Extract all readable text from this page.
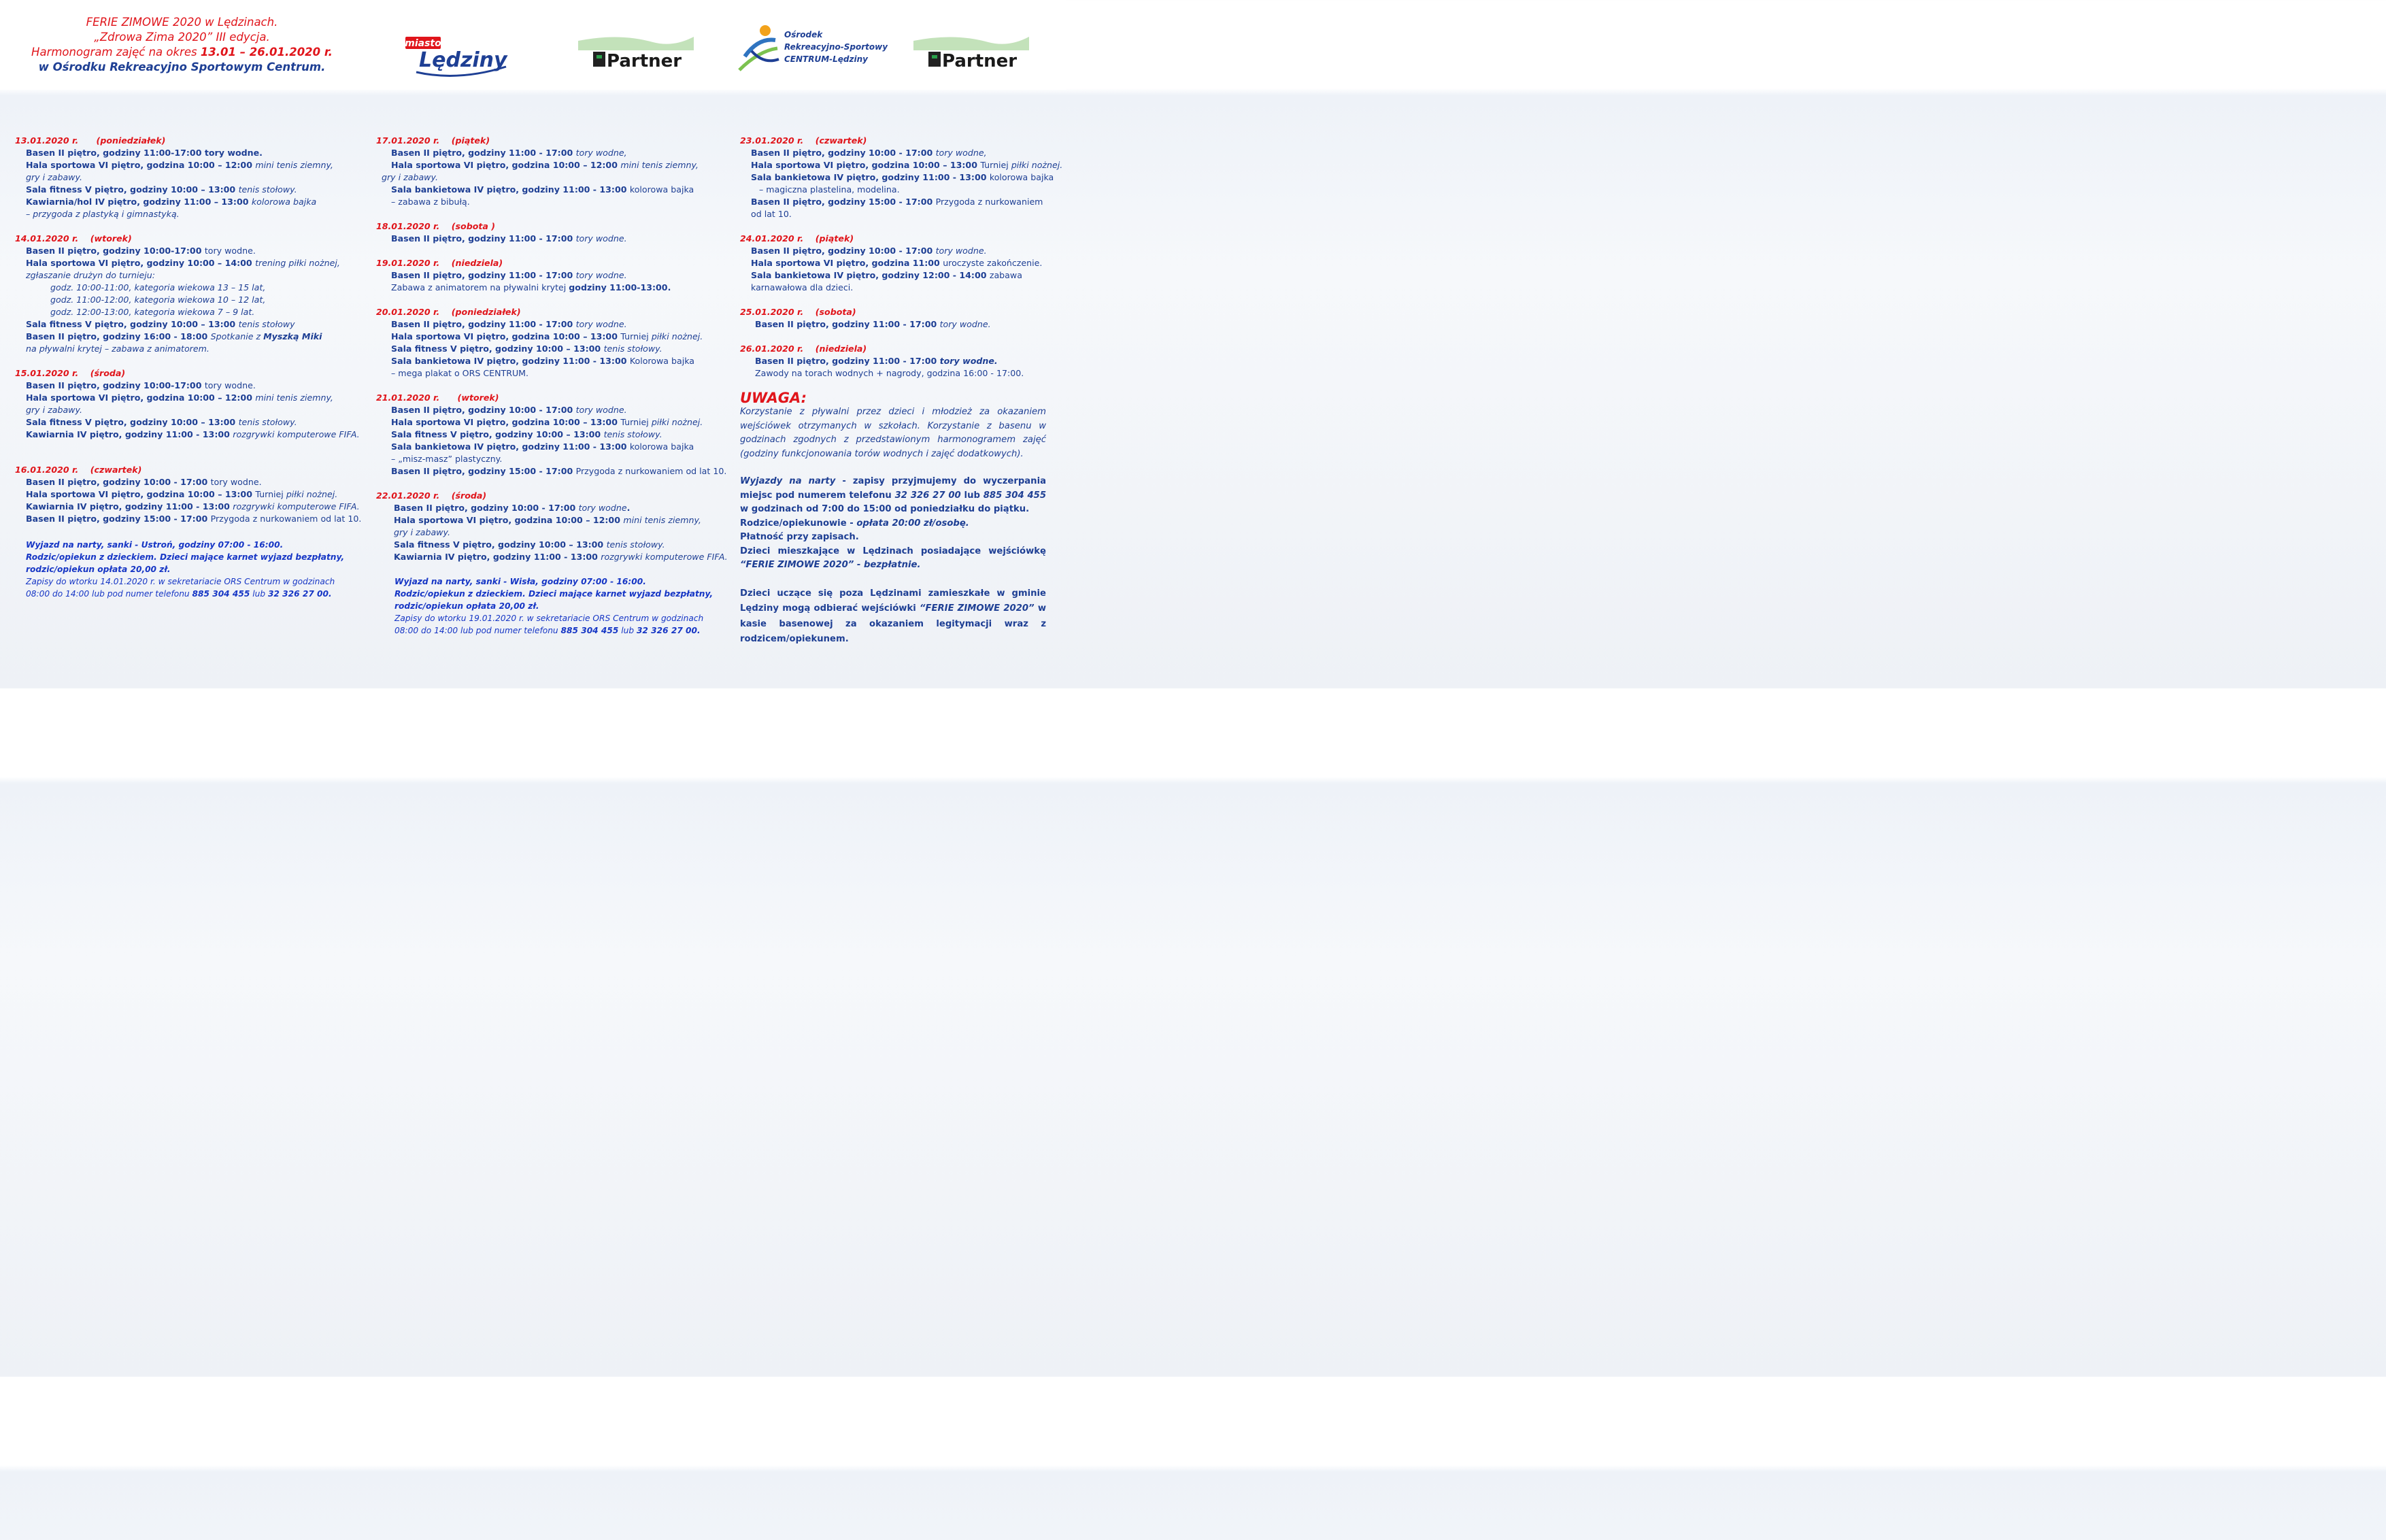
FERIE ZIMOWE 2020 w Lędzinach.
„Zdrowa Zima 2020” III edycja.
Harmonogram zajęć na okres 13.01 – 26.01.2020 r.
w Ośrodku Rekreacyjno Sportowym Centrum.
miasto
Lędziny	Partner
Ośrodek
Rekreacyjno-Sportowy
CENTRUM-Lędziny	Partner
13.01.2020 r.      (poniedziałek)
Basen II piętro, godziny 11:00-17:00 tory wodne.
Hala sportowa VI piętro, godzina 10:00 – 12:00 mini tenis ziemny,
gry i zabawy.
Sala fitness V piętro, godziny 10:00 – 13:00 tenis stołowy.
Kawiarnia/hol IV piętro, godziny 11:00 – 13:00 kolorowa bajka
– przygoda z plastyką i gimnastyką.
14.01.2020 r.    (wtorek)
Basen II piętro, godziny 10:00-17:00 tory wodne.
Hala sportowa VI piętro, godziny 10:00 – 14:00 trening piłki nożnej,
zgłaszanie drużyn do turnieju:
godz. 10:00-11:00, kategoria wiekowa 13 – 15 lat,
godz. 11:00-12:00, kategoria wiekowa 10 – 12 lat,
godz. 12:00-13:00, kategoria wiekowa 7 – 9 lat.
Sala fitness V piętro, godziny 10:00 – 13:00 tenis stołowy
Basen II piętro, godziny 16:00 - 18:00 Spotkanie z Myszką Miki
na pływalni krytej – zabawa z animatorem.
15.01.2020 r.    (środa)
Basen II piętro, godziny 10:00-17:00 tory wodne.
Hala sportowa VI piętro, godzina 10:00 – 12:00 mini tenis ziemny,
gry i zabawy.
Sala fitness V piętro, godziny 10:00 – 13:00 tenis stołowy.
Kawiarnia IV piętro, godziny 11:00 - 13:00 rozgrywki komputerowe FIFA.
16.01.2020 r.    (czwartek)
Basen II piętro, godziny 10:00 - 17:00 tory wodne.
Hala sportowa VI piętro, godzina 10:00 – 13:00 Turniej piłki nożnej.
Kawiarnia IV piętro, godziny 11:00 - 13:00 rozgrywki komputerowe FIFA.
Basen II piętro, godziny 15:00 - 17:00 Przygoda z nurkowaniem od lat 10.
Wyjazd na narty, sanki - Ustroń, godziny 07:00 - 16:00.
Rodzic/opiekun z dzieckiem. Dzieci mające karnet wyjazd bezpłatny,
rodzic/opiekun opłata 20,00 zł.
Zapisy do wtorku 14.01.2020 r. w sekretariacie ORS Centrum w godzinach
08:00 do 14:00 lub pod numer telefonu 885 304 455 lub 32 326 27 00.
17.01.2020 r.    (piątek)
Basen II piętro, godziny 11:00 - 17:00 tory wodne,
Hala sportowa VI piętro, godzina 10:00 – 12:00 mini tenis ziemny,
gry i zabawy.
Sala bankietowa IV piętro, godziny 11:00 - 13:00 kolorowa bajka
– zabawa z bibułą.
18.01.2020 r.    (sobota )
Basen II piętro, godziny 11:00 - 17:00 tory wodne.
19.01.2020 r.    (niedziela)
Basen II piętro, godziny 11:00 - 17:00 tory wodne.
Zabawa z animatorem na pływalni krytej godziny 11:00-13:00.
20.01.2020 r.    (poniedziałek)
Basen II piętro, godziny 11:00 - 17:00 tory wodne.
Hala sportowa VI piętro, godzina 10:00 – 13:00 Turniej piłki nożnej.
Sala fitness V piętro, godziny 10:00 – 13:00 tenis stołowy.
Sala bankietowa IV piętro, godziny 11:00 - 13:00 Kolorowa bajka
– mega plakat o ORS CENTRUM.
21.01.2020 r.      (wtorek)
Basen II piętro, godziny 10:00 - 17:00 tory wodne.
Hala sportowa VI piętro, godzina 10:00 – 13:00 Turniej piłki nożnej.
Sala fitness V piętro, godziny 10:00 – 13:00 tenis stołowy.
Sala bankietowa IV piętro, godziny 11:00 - 13:00 kolorowa bajka
– „misz-masz” plastyczny.
Basen II piętro, godziny 15:00 - 17:00 Przygoda z nurkowaniem od lat 10.
22.01.2020 r.    (środa)
Basen II piętro, godziny 10:00 - 17:00 tory wodne.
Hala sportowa VI piętro, godzina 10:00 – 12:00 mini tenis ziemny,
gry i zabawy.
Sala fitness V piętro, godziny 10:00 – 13:00 tenis stołowy.
Kawiarnia IV piętro, godziny 11:00 - 13:00 rozgrywki komputerowe FIFA.
Wyjazd na narty, sanki - Wisła, godziny 07:00 - 16:00.
Rodzic/opiekun z dzieckiem. Dzieci mające karnet wyjazd bezpłatny,
rodzic/opiekun opłata 20,00 zł.
Zapisy do wtorku 19.01.2020 r. w sekretariacie ORS Centrum w godzinach
08:00 do 14:00 lub pod numer telefonu 885 304 455 lub 32 326 27 00.
23.01.2020 r.    (czwartek)
Basen II piętro, godziny 10:00 - 17:00 tory wodne,
Hala sportowa VI piętro, godzina 10:00 – 13:00 Turniej piłki nożnej.
Sala bankietowa IV piętro, godziny 11:00 - 13:00 kolorowa bajka
– magiczna plastelina, modelina.
Basen II piętro, godziny 15:00 - 17:00 Przygoda z nurkowaniem
od lat 10.
24.01.2020 r.    (piątek)
Basen II piętro, godziny 10:00 - 17:00 tory wodne.
Hala sportowa VI piętro, godzina 11:00 uroczyste zakończenie.
Sala bankietowa IV piętro, godziny 12:00 - 14:00 zabawa
karnawałowa dla dzieci.
25.01.2020 r.    (sobota)
Basen II piętro, godziny 11:00 - 17:00 tory wodne.
26.01.2020 r.    (niedziela)
Basen II piętro, godziny 11:00 - 17:00 tory wodne.
Zawody na torach wodnych + nagrody, godzina 16:00 - 17:00.
UWAGA:
Korzystanie z pływalni przez dzieci i młodzież za okazaniem wejściówek otrzymanych w szkołach. Korzystanie z basenu w godzinach zgodnych z przedstawionym harmonogramem zajęć (godziny funkcjonowania torów wodnych i zajęć dodatkowych).
Wyjazdy na narty - zapisy przyjmujemy do wyczerpania miejsc pod numerem telefonu 32 326 27 00 lub 885 304 455 w godzinach od 7:00 do 15:00 od poniedziałku do piątku.
Rodzice/opiekunowie - opłata 20:00 zł/osobę.
Płatność przy zapisach.
Dzieci mieszkające w Lędzinach posiadające wejściówkę “FERIE ZIMOWE 2020” - bezpłatnie.
Dzieci uczące się poza Lędzinami zamieszkałe w gminie Lędziny mogą odbierać wejściówki “FERIE ZIMOWE 2020” w kasie basenowej za okazaniem legitymacji wraz z rodzicem/opiekunem.
